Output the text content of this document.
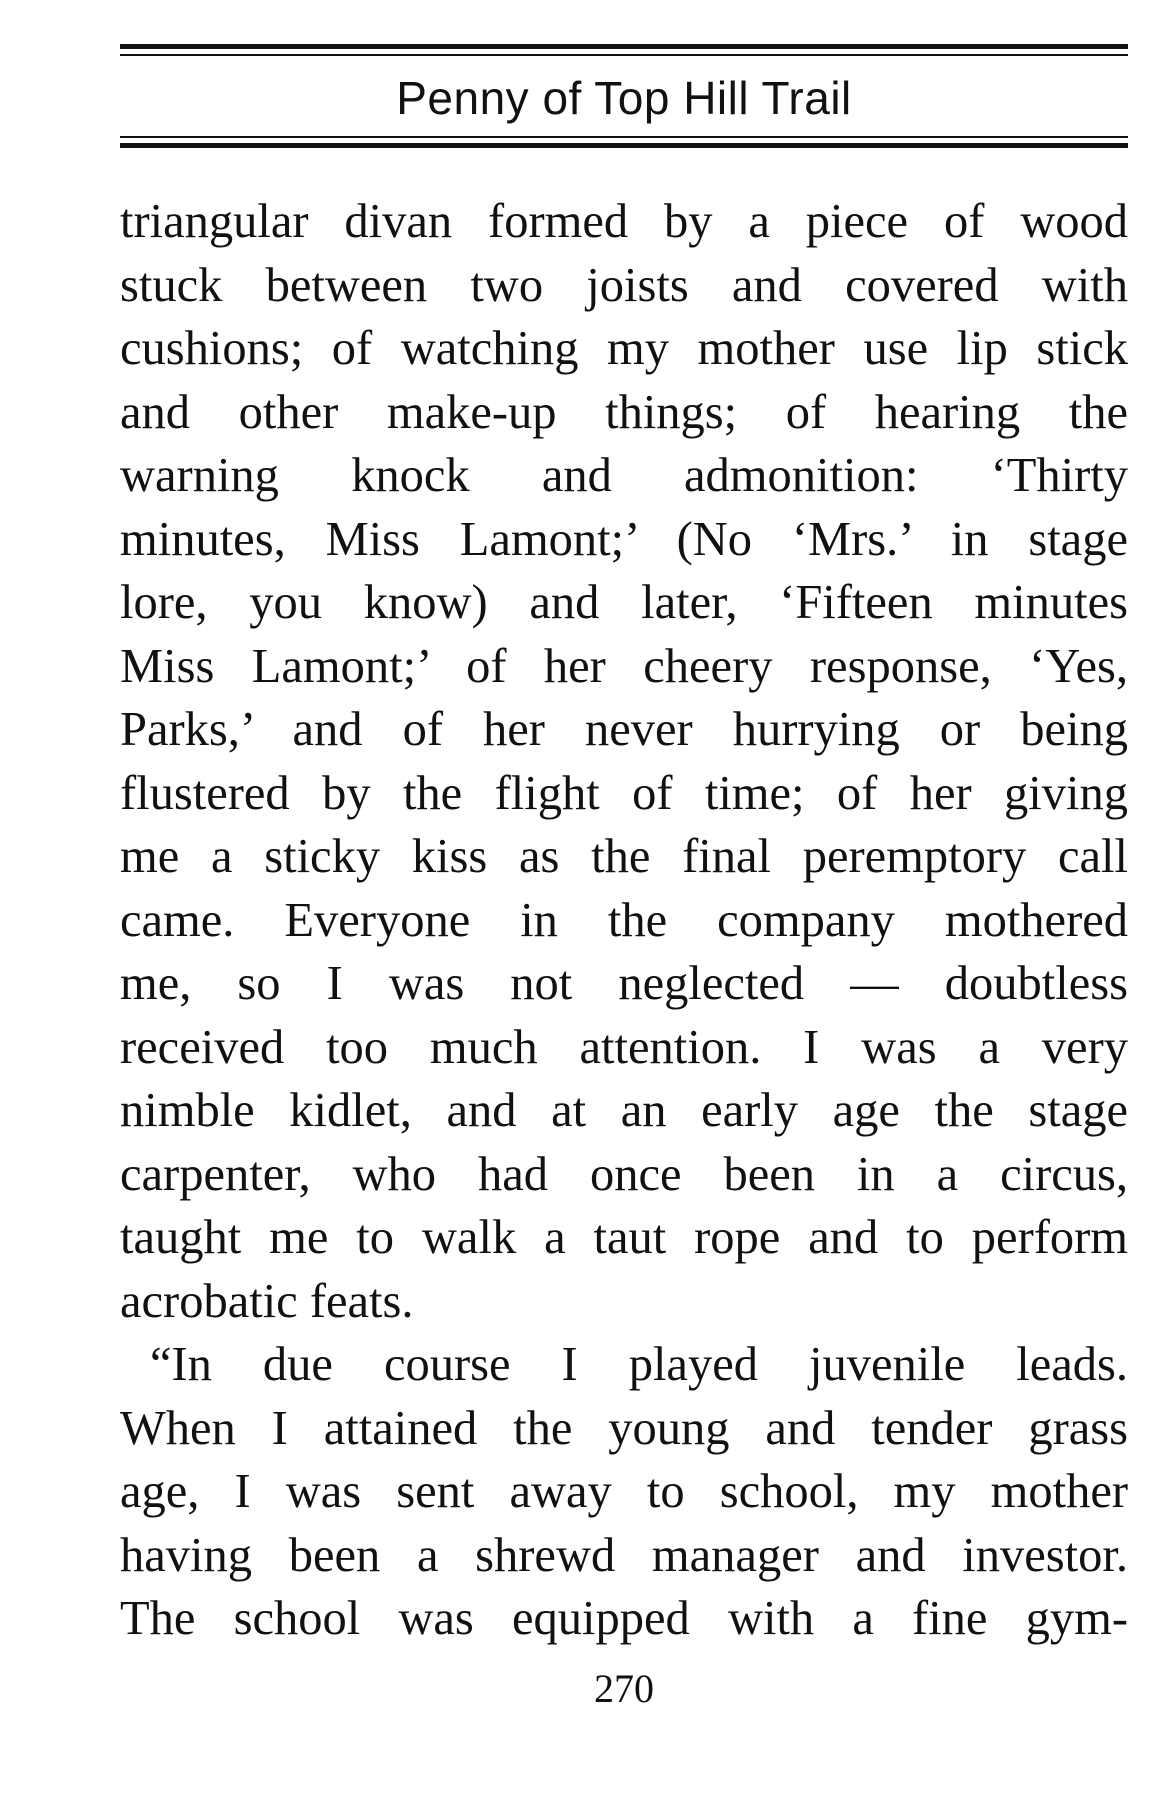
Penny of Top Hill Trail
triangular divan formed by a piece of wood
stuck between two joists and covered with
cushions; of watching my mother use lip stick
and other make-up things; of hearing the
warning knock and admonition: ‘Thirty
minutes, Miss Lamont;’ (No ‘Mrs.’ in stage
lore, you know) and later, ‘Fifteen minutes
Miss Lamont;’ of her cheery response, ‘Yes,
Parks,’ and of her never hurrying or being
flustered by the flight of time; of her giving
me a sticky kiss as the final peremptory call
came. Everyone in the company mothered
me, so I was not neglected — doubtless
received too much attention. I was a very
nimble kidlet, and at an early age the stage
carpenter, who had once been in a circus,
taught me to walk a taut rope and to perform
acrobatic feats.
“In due course I played juvenile leads.
When I attained the young and tender grass
age, I was sent away to school, my mother
having been a shrewd manager and investor.
The school was equipped with a fine gym-
270
